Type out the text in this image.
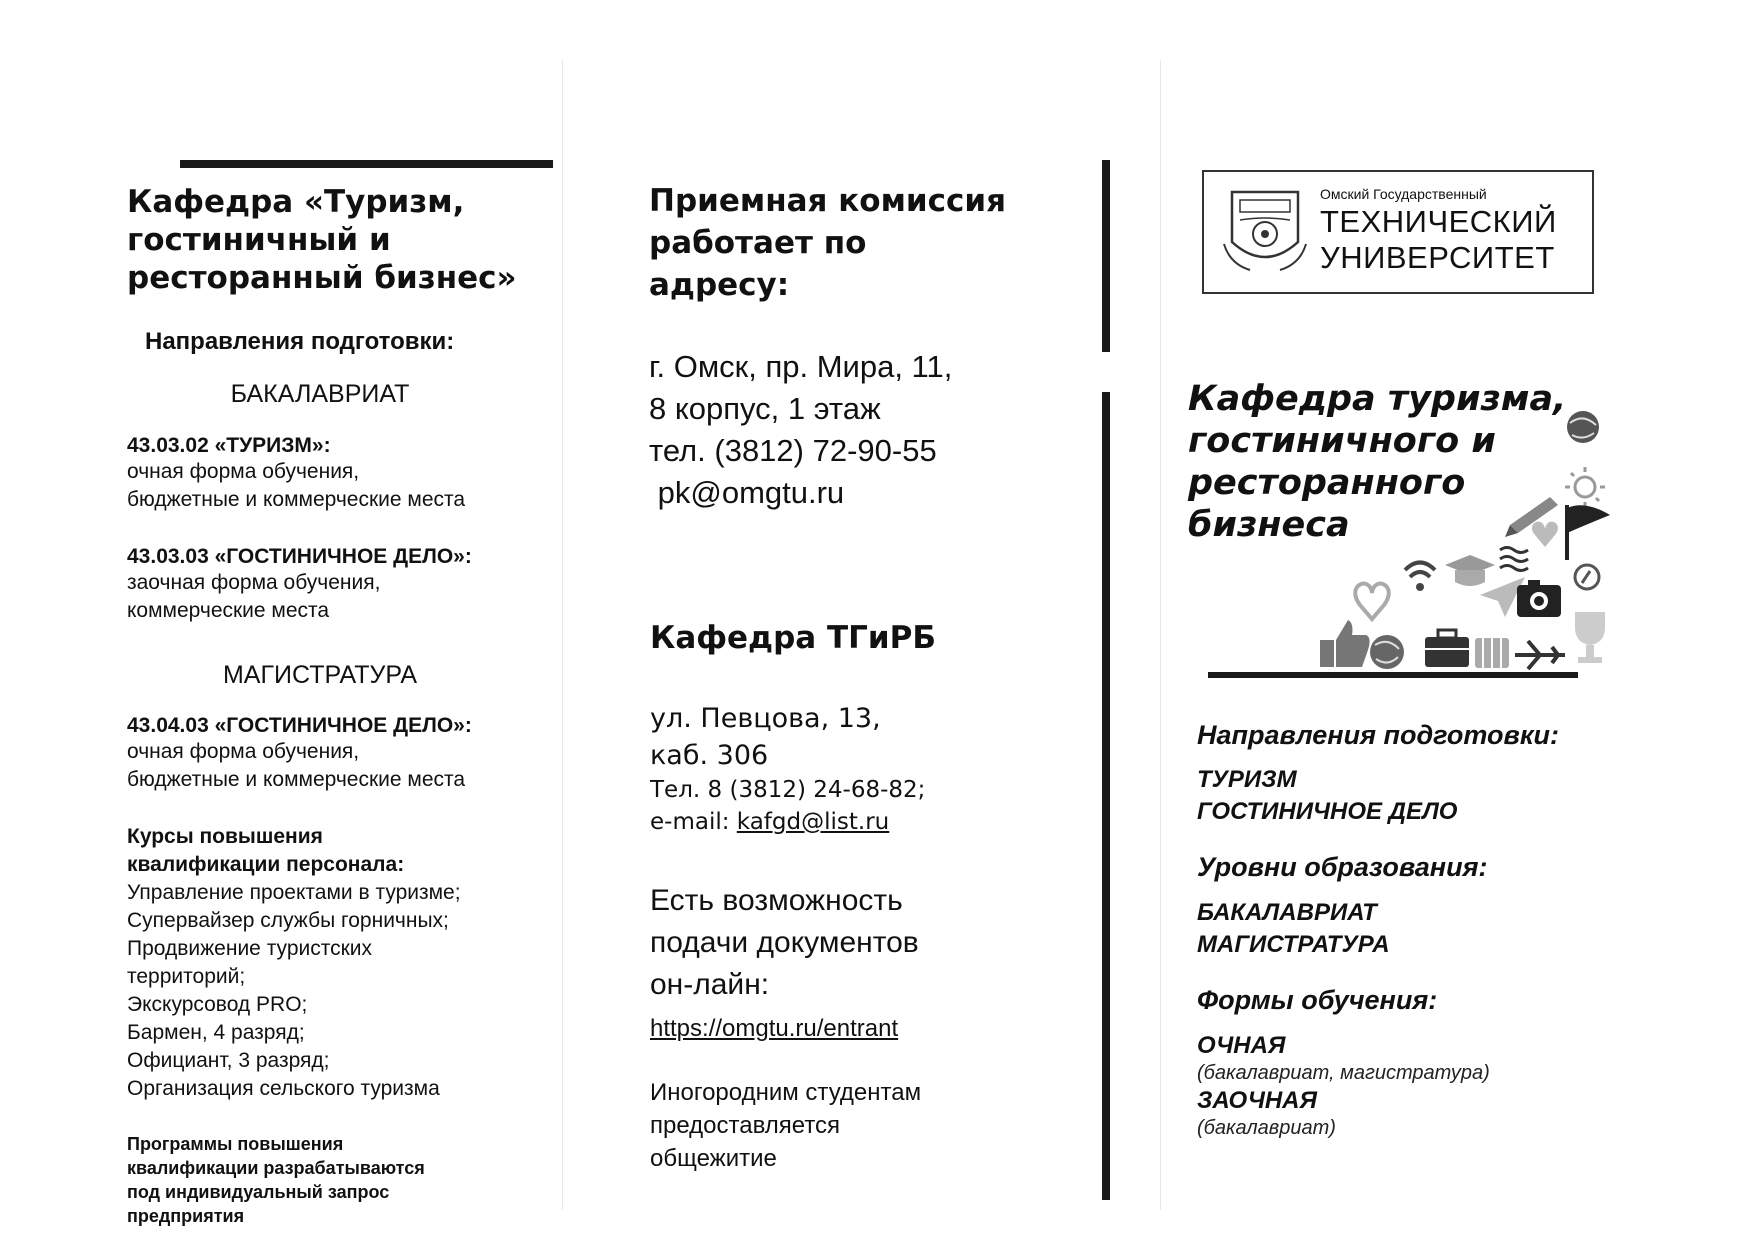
Кафедра «Туризм,
гостиничный и
ресторанный бизнес»
Направления подготовки:
БАКАЛАВРИАТ
43.03.02 «ТУРИЗМ»:
очная форма обучения,
бюджетные и коммерческие места
43.03.03 «ГОСТИНИЧНОЕ ДЕЛО»:
заочная форма обучения,
коммерческие места
МАГИСТРАТУРА
43.04.03 «ГОСТИНИЧНОЕ ДЕЛО»:
очная форма обучения,
бюджетные и коммерческие места
Курсы повышения
квалификации персонала:
Управление проектами в туризме;
Супервайзер службы горничных;
Продвижение туристских
территорий;
Экскурсовод PRO;
Бармен, 4 разряд;
Официант, 3 разряд;
Организация сельского туризма
Программы повышения
квалификации разрабатываются
под индивидуальный запрос
предприятия
Приемная комиссия
работает по
адресу:
г. Омск, пр. Мира, 11,
8 корпус, 1 этаж
тел. (3812) 72-90-55
pk@omgtu.ru
Кафедра ТГиРБ
ул. Певцова, 13,
каб. 306
Тел. 8 (3812) 24-68-82;
e-mail: kafgd@list.ru
Есть возможность
подачи документов
он-лайн:
https://omgtu.ru/entrant
Иногородним студентам
предоставляется
общежитие
Омский Государственный
ТЕХНИЧЕСКИЙ
УНИВЕРСИТЕТ
Кафедра туризма,
гостиничного и
ресторанного
бизнеса
Направления подготовки:
ТУРИЗМ
ГОСТИНИЧНОЕ ДЕЛО
Уровни образования:
БАКАЛАВРИАТ
МАГИСТРАТУРА
Формы обучения:
ОЧНАЯ
(бакалавриат, магистратура)
ЗАОЧНАЯ
(бакалавриат)
